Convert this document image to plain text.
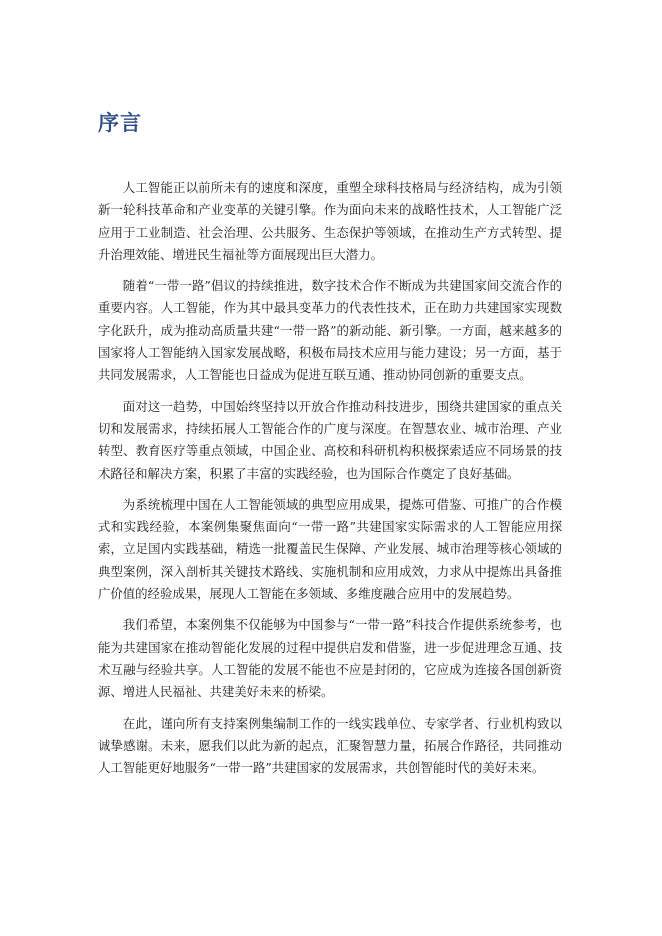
序言

人工智能正以前所未有的速度和深度，重塑全球科技格局与经济结构，成为引领新一轮科技革命和产业变革的关键引擎。作为面向未来的战略性技术，人工智能广泛应用于工业制造、社会治理、公共服务、生态保护等领域，在推动生产方式转型、提升治理效能、增进民生福祉等方面展现出巨大潜力。

随着“一带一路”倡议的持续推进，数字技术合作不断成为共建国家间交流合作的重要内容。人工智能，作为其中最具变革力的代表性技术，正在助力共建国家实现数字化跃升，成为推动高质量共建“一带一路”的新动能、新引擎。一方面，越来越多的国家将人工智能纳入国家发展战略，积极布局技术应用与能力建设；另一方面，基于共同发展需求，人工智能也日益成为促进互联互通、推动协同创新的重要支点。

面对这一趋势，中国始终坚持以开放合作推动科技进步，围绕共建国家的重点关切和发展需求，持续拓展人工智能合作的广度与深度。在智慧农业、城市治理、产业转型、教育医疗等重点领域，中国企业、高校和科研机构积极探索适应不同场景的技术路径和解决方案，积累了丰富的实践经验，也为国际合作奠定了良好基础。

为系统梳理中国在人工智能领域的典型应用成果，提炼可借鉴、可推广的合作模式和实践经验，本案例集聚焦面向“一带一路”共建国家实际需求的人工智能应用探索，立足国内实践基础，精选一批覆盖民生保障、产业发展、城市治理等核心领域的典型案例，深入剖析其关键技术路线、实施机制和应用成效，力求从中提炼出具备推广价值的经验成果，展现人工智能在多领域、多维度融合应用中的发展趋势。

我们希望，本案例集不仅能够为中国参与“一带一路”科技合作提供系统参考，也能为共建国家在推动智能化发展的过程中提供启发和借鉴，进一步促进理念互通、技术互融与经验共享。人工智能的发展不能也不应是封闭的，它应成为连接各国创新资源、增进人民福祉、共建美好未来的桥梁。

在此，谨向所有支持案例集编制工作的一线实践单位、专家学者、行业机构致以诚挚感谢。未来，愿我们以此为新的起点，汇聚智慧力量，拓展合作路径，共同推动人工智能更好地服务“一带一路”共建国家的发展需求，共创智能时代的美好未来。
